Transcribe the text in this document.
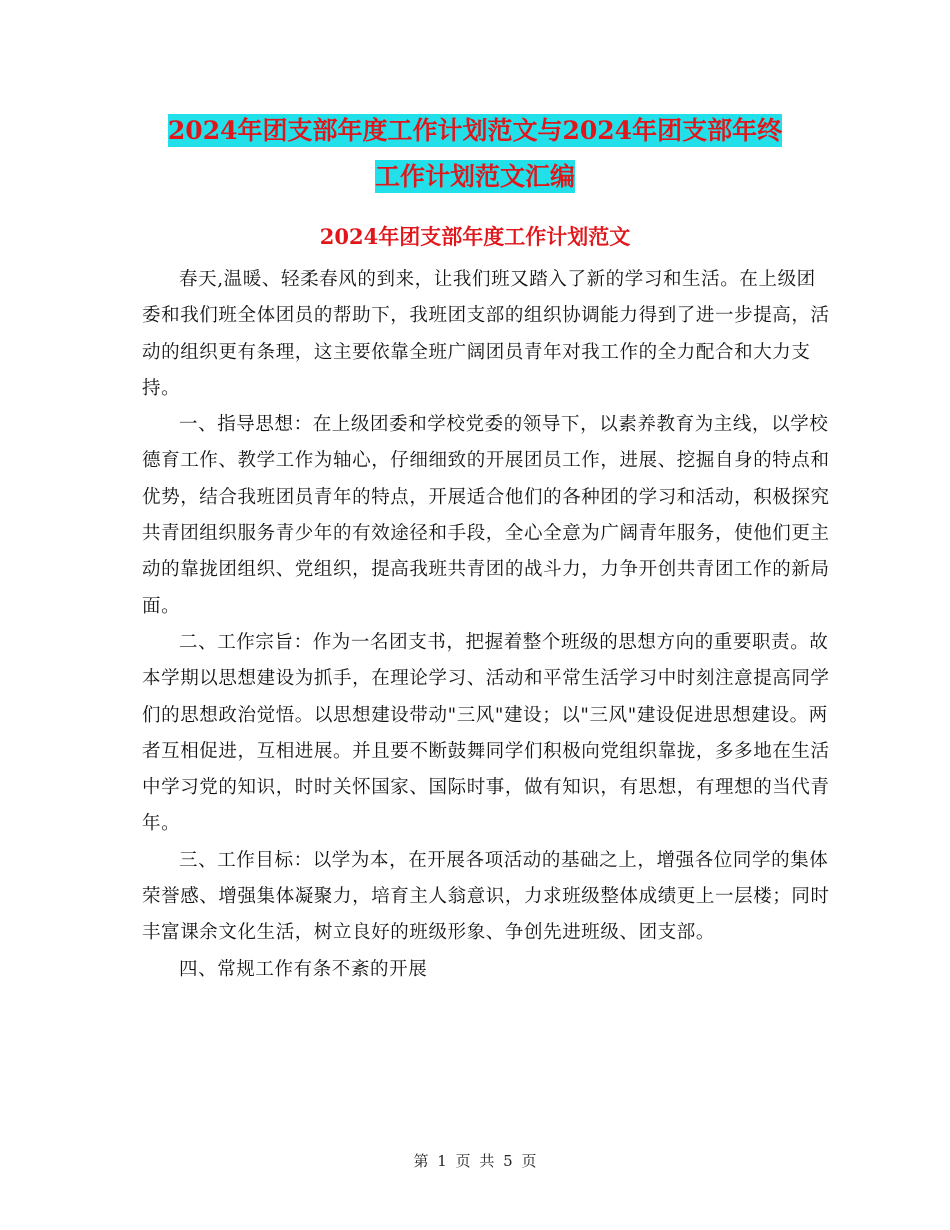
2024年团支部年度工作计划范文与2024年团支部年终
工作计划范文汇编
2024年团支部年度工作计划范文

春天,温暖、轻柔春风的到来，让我们班又踏入了新的学习和生活。在上级团委和我们班全体团员的帮助下，我班团支部的组织协调能力得到了进一步提高，活动的组织更有条理，这主要依靠全班广阔团员青年对我工作的全力配合和大力支持。

一、指导思想：在上级团委和学校党委的领导下，以素养教育为主线，以学校德育工作、教学工作为轴心，仔细细致的开展团员工作，进展、挖掘自身的特点和优势，结合我班团员青年的特点，开展适合他们的各种团的学习和活动，积极探究共青团组织服务青少年的有效途径和手段，全心全意为广阔青年服务，使他们更主动的靠拢团组织、党组织，提高我班共青团的战斗力，力争开创共青团工作的新局面。

二、工作宗旨：作为一名团支书，把握着整个班级的思想方向的重要职责。故本学期以思想建设为抓手，在理论学习、活动和平常生活学习中时刻注意提高同学们的思想政治觉悟。以思想建设带动"三风"建设；以"三风"建设促进思想建设。两者互相促进，互相进展。并且要不断鼓舞同学们积极向党组织靠拢，多多地在生活中学习党的知识，时时关怀国家、国际时事，做有知识，有思想，有理想的当代青年。

三、工作目标：以学为本，在开展各项活动的基础之上，增强各位同学的集体荣誉感、增强集体凝聚力，培育主人翁意识，力求班级整体成绩更上一层楼；同时丰富课余文化生活，树立良好的班级形象、争创先进班级、团支部。

四、常规工作有条不紊的开展

第 1 页 共 5 页
